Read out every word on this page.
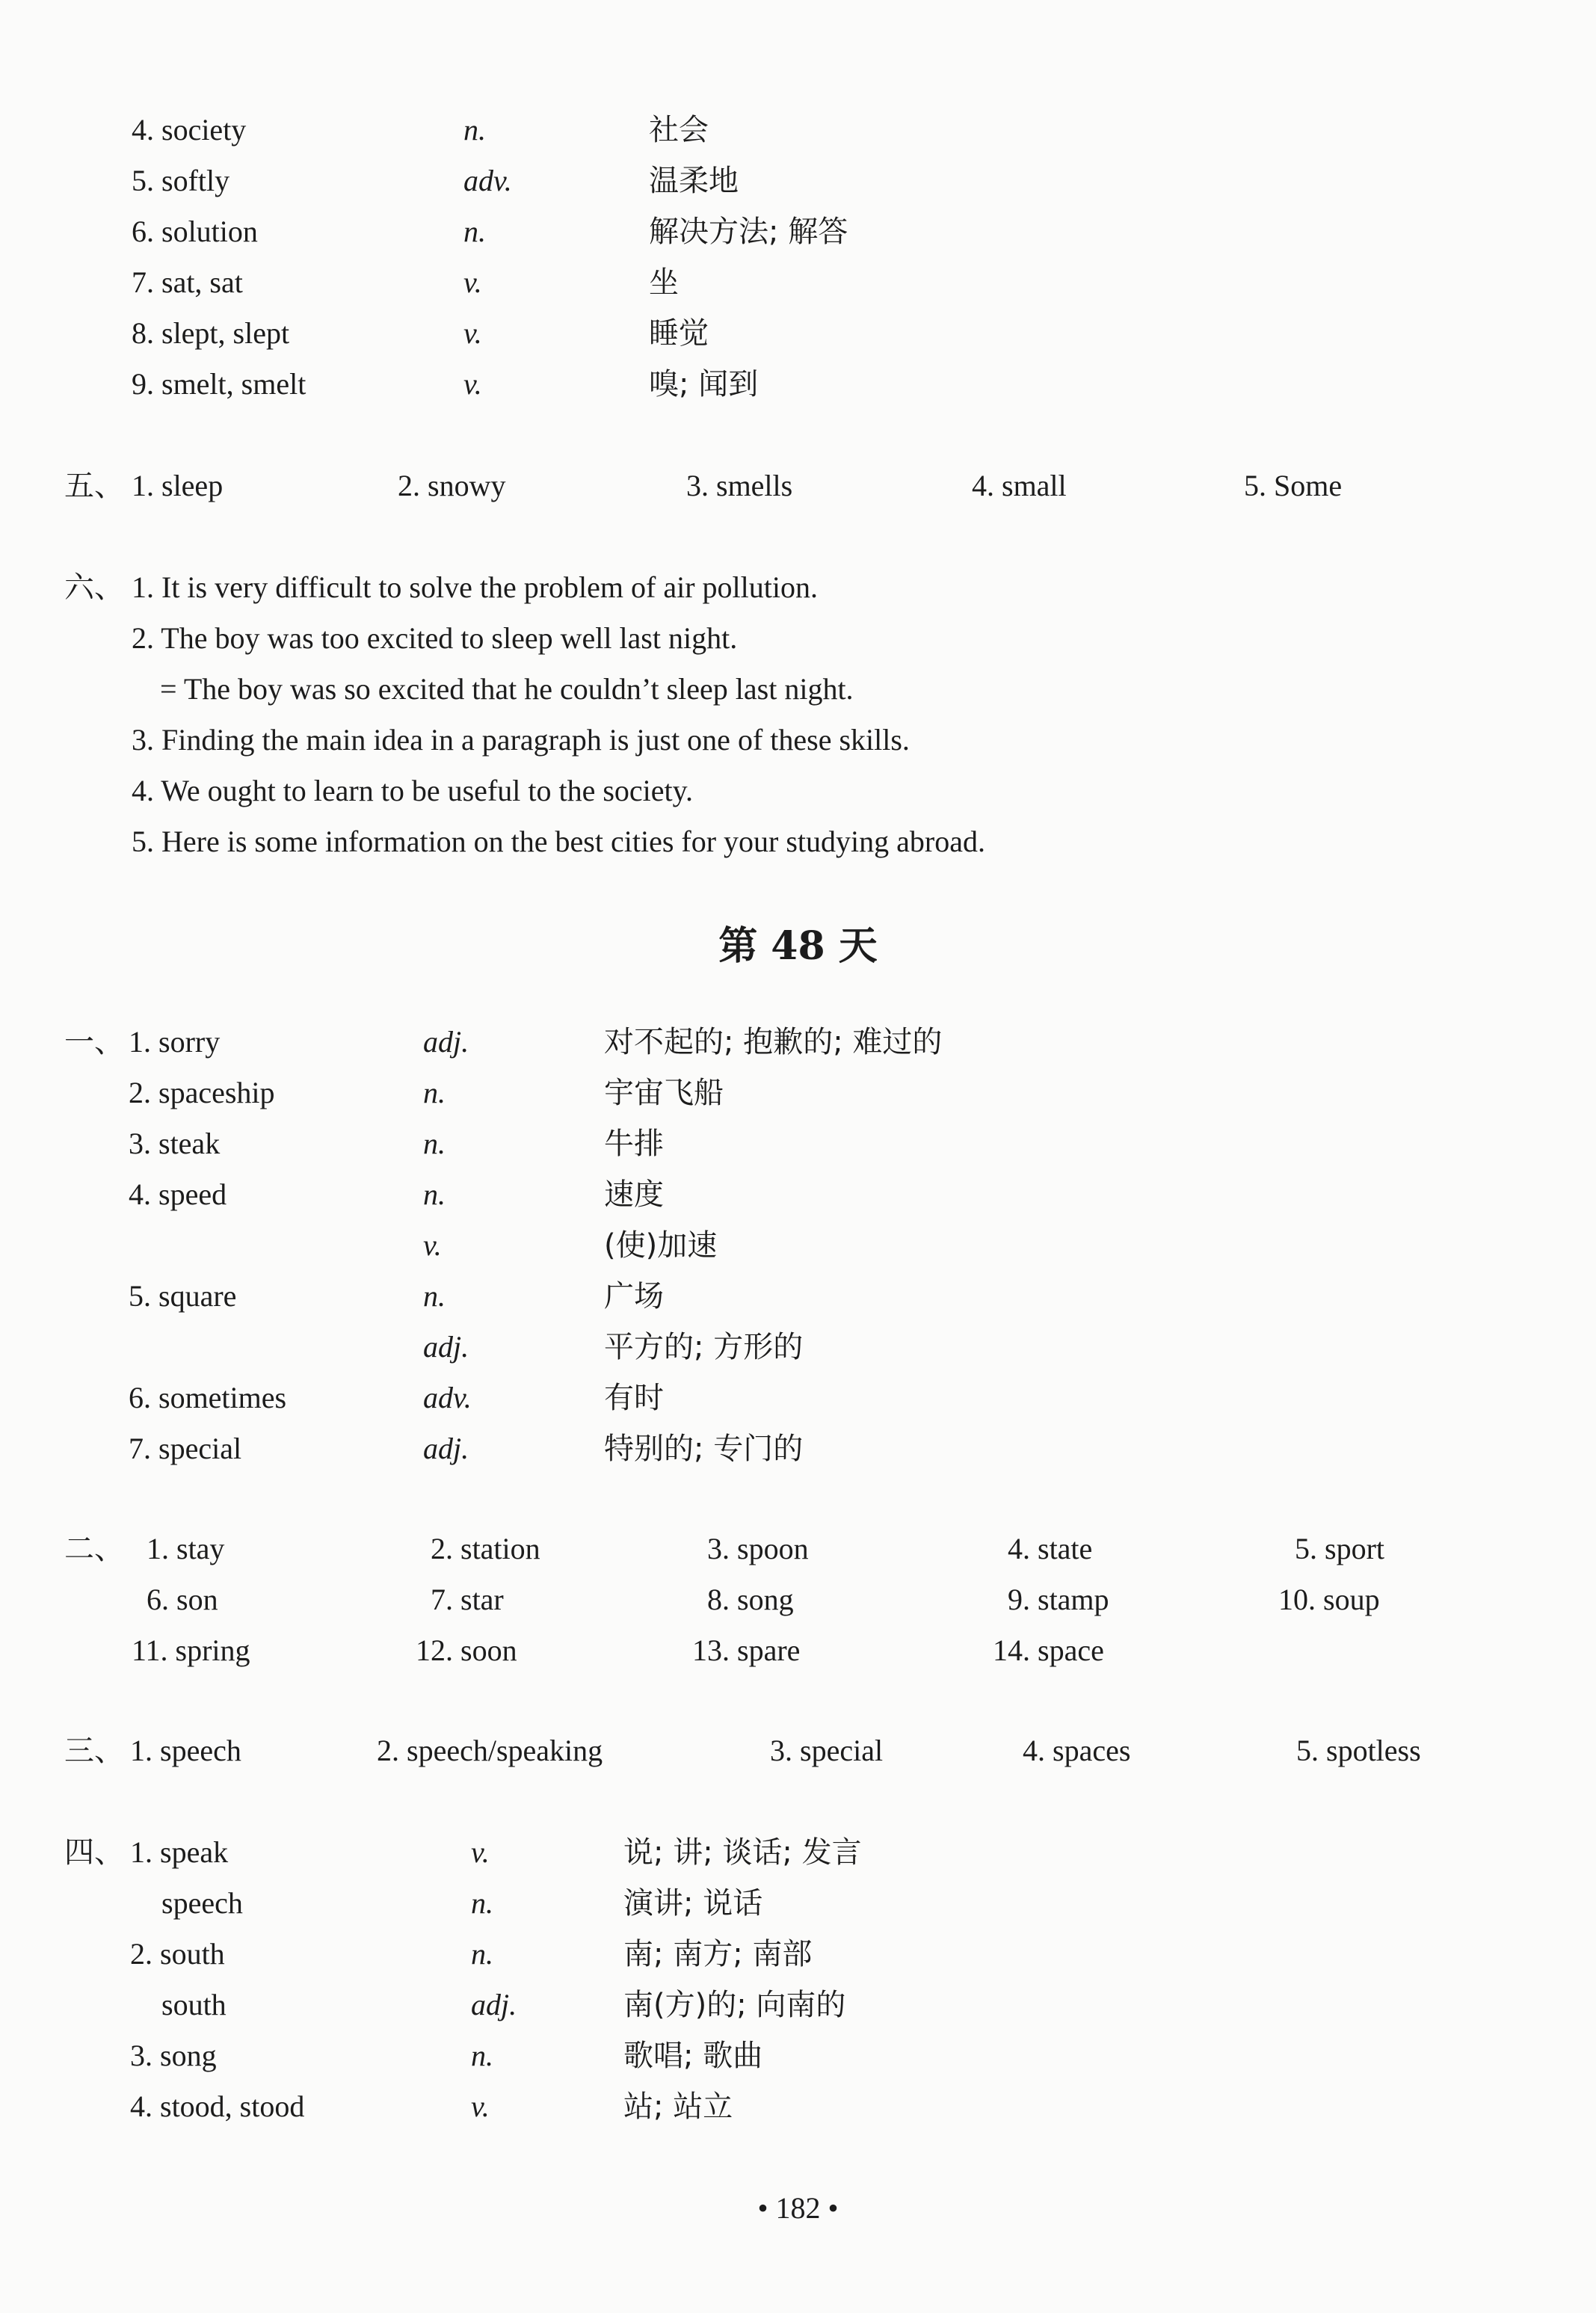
4. society	n.	社会
5. softly	adv.	温柔地
6. solution	n.	解决方法; 解答
7. sat, sat	v.	坐
8. slept, slept	v.	睡觉
9. smelt, smelt	v.	嗅; 闻到
五、 1. sleep	2. snowy	3. smells	4. small	5. Some
六、 1. It is very difficult to solve the problem of air pollution.
2. The boy was too excited to sleep well last night.
= The boy was so excited that he couldn’t sleep last night.
3. Finding the main idea in a paragraph is just one of these skills.
4. We ought to learn to be useful to the society.
5. Here is some information on the best cities for your studying abroad.
第 48 天
一、 1. sorry	adj.	对不起的; 抱歉的; 难过的
2. spaceship	n.	宇宙飞船
3. steak	n.	牛排
4. speed	n.	速度
v.	(使)加速
5. square	n.	广场
adj.	平方的; 方形的
6. sometimes	adv.	有时
7. special	adj.	特别的; 专门的
二、 1. stay	2. station	3. spoon	4. state	5. sport
6. son	7. star	8. song	9. stamp	10. soup
11. spring	12. soon	13. spare	14. space
三、 1. speech	2. speech/speaking	3. special	4. spaces	5. spotless
四、 1. speak	v.	说; 讲; 谈话; 发言
speech	n.	演讲; 说话
2. south	n.	南; 南方; 南部
south	adj.	南(方)的; 向南的
3. song	n.	歌唱; 歌曲
4. stood, stood	v.	站; 站立
• 182 •
